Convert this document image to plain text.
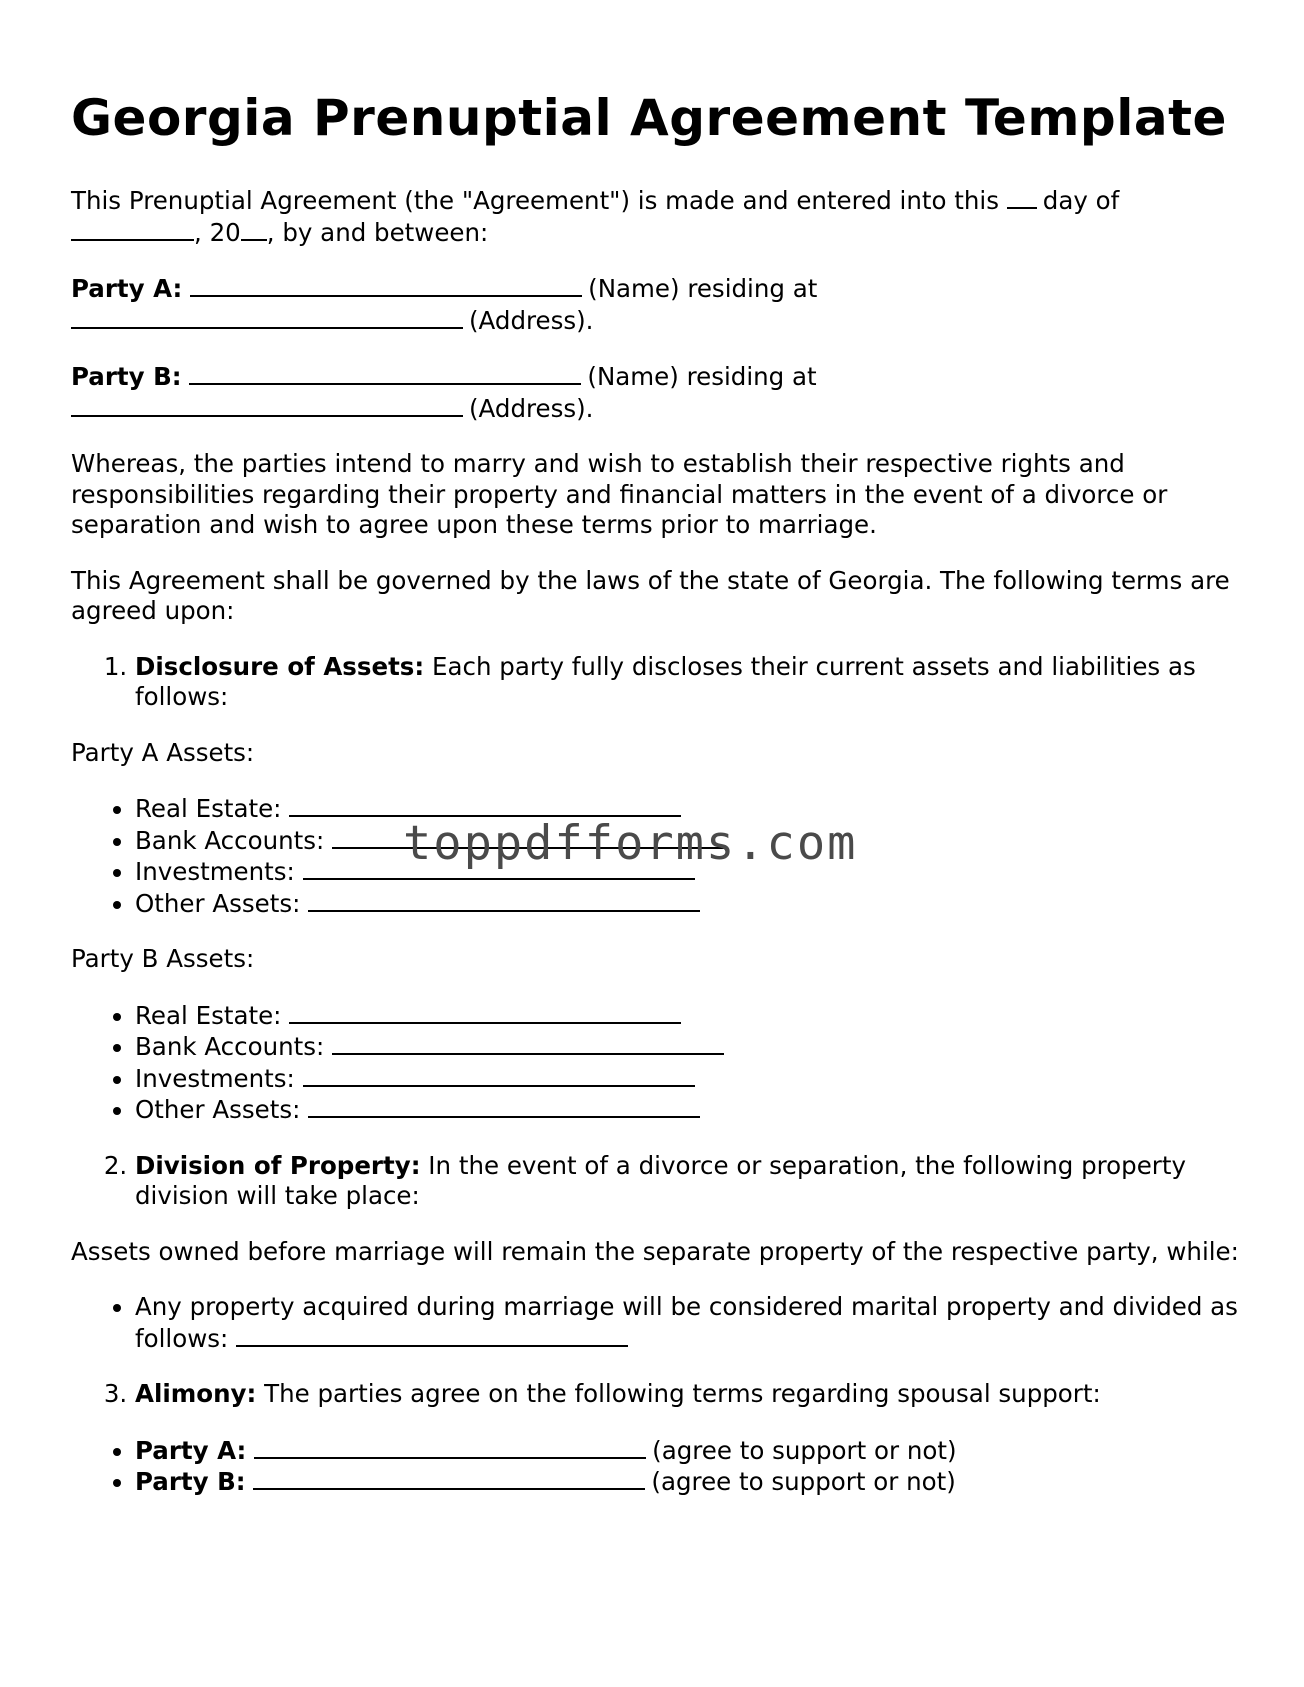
Georgia Prenuptial Agreement Template

This Prenuptial Agreement (the "Agreement") is made and entered into this day of , 20 , by and between:

Party A:	(Name) residing at
(Address).

Party B:	(Name) residing at
(Address).

Whereas, the parties intend to marry and wish to establish their respective rights and responsibilities regarding their property and financial matters in the event of a divorce or separation and wish to agree upon these terms prior to marriage.

This Agreement shall be governed by the laws of the state of Georgia. The following terms are agreed upon:

1. Disclosure of Assets: Each party fully discloses their current assets and liabilities as follows:

Party A Assets:

• Real Estate:
• Bank Accounts:
• Investments:
• Other Assets:

Party B Assets:

• Real Estate:
• Bank Accounts:
• Investments:
• Other Assets:
2. Division of Property: In the event of a divorce or separation, the following property division will take place:

Assets owned before marriage will remain the separate property of the respective party, while:

• Any property acquired during marriage will be considered marital property and divided as follows:
3. Alimony: The parties agree on the following terms regarding spousal support:
• Party A:	(agree to support or not)
• Party B:	(agree to support or not)
toppdfforms.com
